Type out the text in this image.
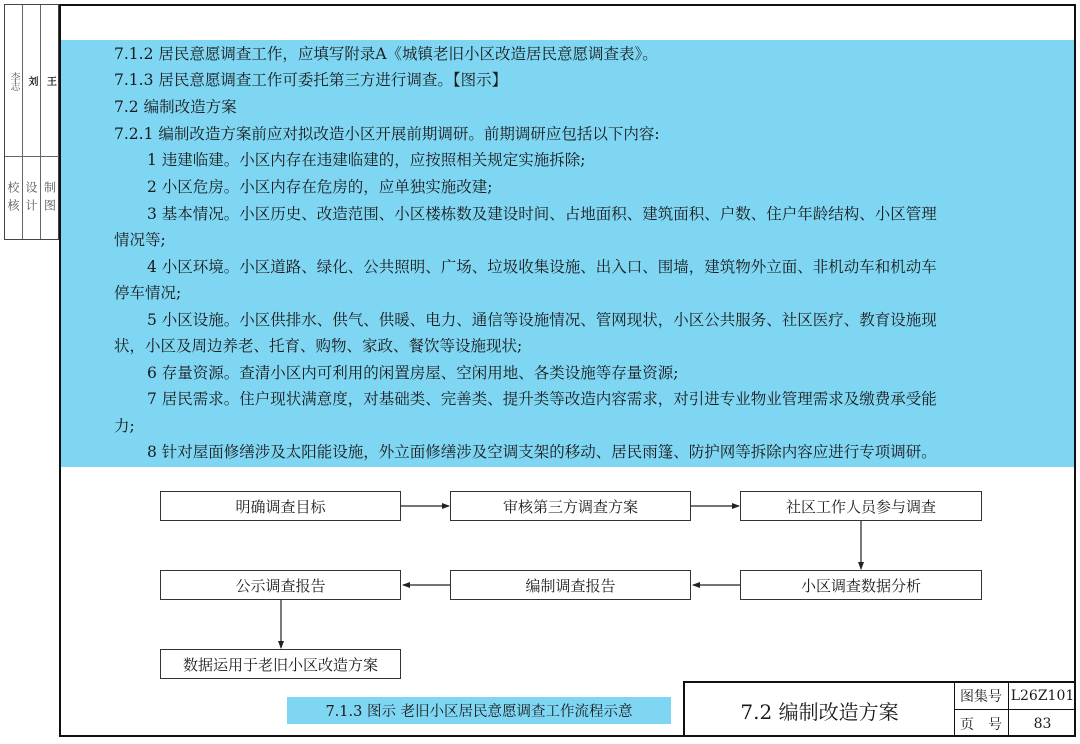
李志
校核
刘
设计
王
制图
7.1.2 居民意愿调查工作，应填写附录A《城镇老旧小区改造居民意愿调查表》。
7.1.3 居民意愿调查工作可委托第三方进行调查。【图示】
7.2 编制改造方案
7.2.1 编制改造方案前应对拟改造小区开展前期调研。前期调研应包括以下内容:
1 违建临建。小区内存在违建临建的，应按照相关规定实施拆除;
2 小区危房。小区内存在危房的，应单独实施改建;
3 基本情况。小区历史、改造范围、小区楼栋数及建设时间、占地面积、建筑面积、户数、住户年龄结构、小区管理
情况等;
4 小区环境。小区道路、绿化、公共照明、广场、垃圾收集设施、出入口、围墙，建筑物外立面、非机动车和机动车
停车情况;
5 小区设施。小区供排水、供气、供暖、电力、通信等设施情况、管网现状，小区公共服务、社区医疗、教育设施现
状，小区及周边养老、托育、购物、家政、餐饮等设施现状;
6 存量资源。查清小区内可利用的闲置房屋、空闲用地、各类设施等存量资源;
7 居民需求。住户现状满意度，对基础类、完善类、提升类等改造内容需求，对引进专业物业管理需求及缴费承受能
力;
8 针对屋面修缮涉及太阳能设施，外立面修缮涉及空调支架的移动、居民雨篷、防护网等拆除内容应进行专项调研。
明确调查目标	审核第三方调查方案	社区工作人员参与调查
小区调查数据分析
编制调查报告
公示调查报告
数据运用于老旧小区改造方案
7.1.3 图示 老旧小区居民意愿调查工作流程示意	7.2 编制改造方案
图集号 L26Z101
页　号	83
